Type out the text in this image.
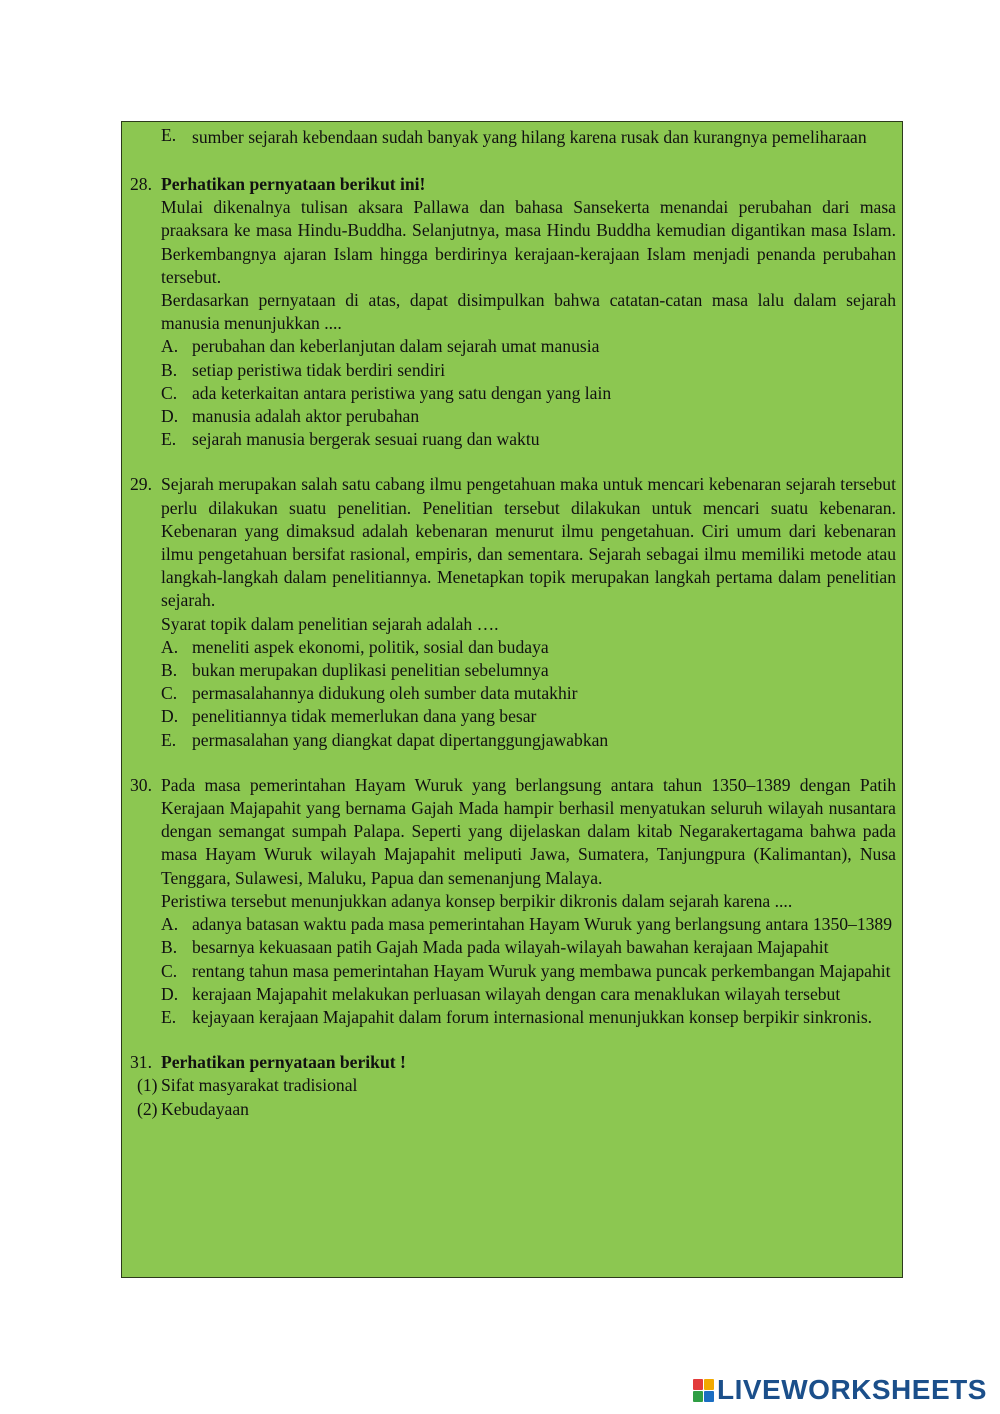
E. sumber sejarah kebendaan sudah banyak yang hilang karena rusak dan kurangnya pemeliharaan
28. Perhatikan pernyataan berikut ini!
Mulai dikenalnya tulisan aksara Pallawa dan bahasa Sansekerta menandai perubahan dari masa praaksara ke masa Hindu-Buddha. Selanjutnya, masa Hindu Buddha kemudian digantikan masa Islam. Berkembangnya ajaran Islam hingga berdirinya kerajaan-kerajaan Islam menjadi penanda perubahan tersebut.
Berdasarkan pernyataan di atas, dapat disimpulkan bahwa catatan-catan masa lalu dalam sejarah manusia menunjukkan ....
A. perubahan dan keberlanjutan dalam sejarah umat manusia
B. setiap peristiwa tidak berdiri sendiri
C. ada keterkaitan antara peristiwa yang satu dengan yang lain
D. manusia adalah aktor perubahan
E. sejarah manusia bergerak sesuai ruang dan waktu
29. Sejarah merupakan salah satu cabang ilmu pengetahuan maka untuk mencari kebenaran sejarah tersebut perlu dilakukan suatu penelitian. Penelitian tersebut dilakukan untuk mencari suatu kebenaran. Kebenaran yang dimaksud adalah kebenaran menurut ilmu pengetahuan. Ciri umum dari kebenaran ilmu pengetahuan bersifat rasional, empiris, dan sementara. Sejarah sebagai ilmu memiliki metode atau langkah-langkah dalam penelitiannya. Menetapkan topik merupakan langkah pertama dalam penelitian sejarah.
Syarat topik dalam penelitian sejarah adalah ….
A. meneliti aspek ekonomi, politik, sosial dan budaya
B. bukan merupakan duplikasi penelitian sebelumnya
C. permasalahannya didukung oleh sumber data mutakhir
D. penelitiannya tidak memerlukan dana yang besar
E. permasalahan yang diangkat dapat dipertanggungjawabkan
30. Pada masa pemerintahan Hayam Wuruk yang berlangsung antara tahun 1350–1389 dengan Patih Kerajaan Majapahit yang bernama Gajah Mada hampir berhasil menyatukan seluruh wilayah nusantara dengan semangat sumpah Palapa. Seperti yang dijelaskan dalam kitab Negarakertagama bahwa pada masa Hayam Wuruk wilayah Majapahit meliputi Jawa, Sumatera, Tanjungpura (Kalimantan), Nusa Tenggara, Sulawesi, Maluku, Papua dan semenanjung Malaya.
Peristiwa tersebut menunjukkan adanya konsep berpikir dikronis dalam sejarah karena ....
A. adanya batasan waktu pada masa pemerintahan Hayam Wuruk yang berlangsung antara 1350–1389
B. besarnya kekuasaan patih Gajah Mada pada wilayah-wilayah bawahan kerajaan Majapahit
C. rentang tahun masa pemerintahan Hayam Wuruk yang membawa puncak perkembangan Majapahit
D. kerajaan Majapahit melakukan perluasan wilayah dengan cara menaklukan wilayah tersebut
E. kejayaan kerajaan Majapahit dalam forum internasional menunjukkan konsep berpikir sinkronis.
31. Perhatikan pernyataan berikut !
(1) Sifat masyarakat tradisional
(2) Kebudayaan
LIVEWORKSHEETS
